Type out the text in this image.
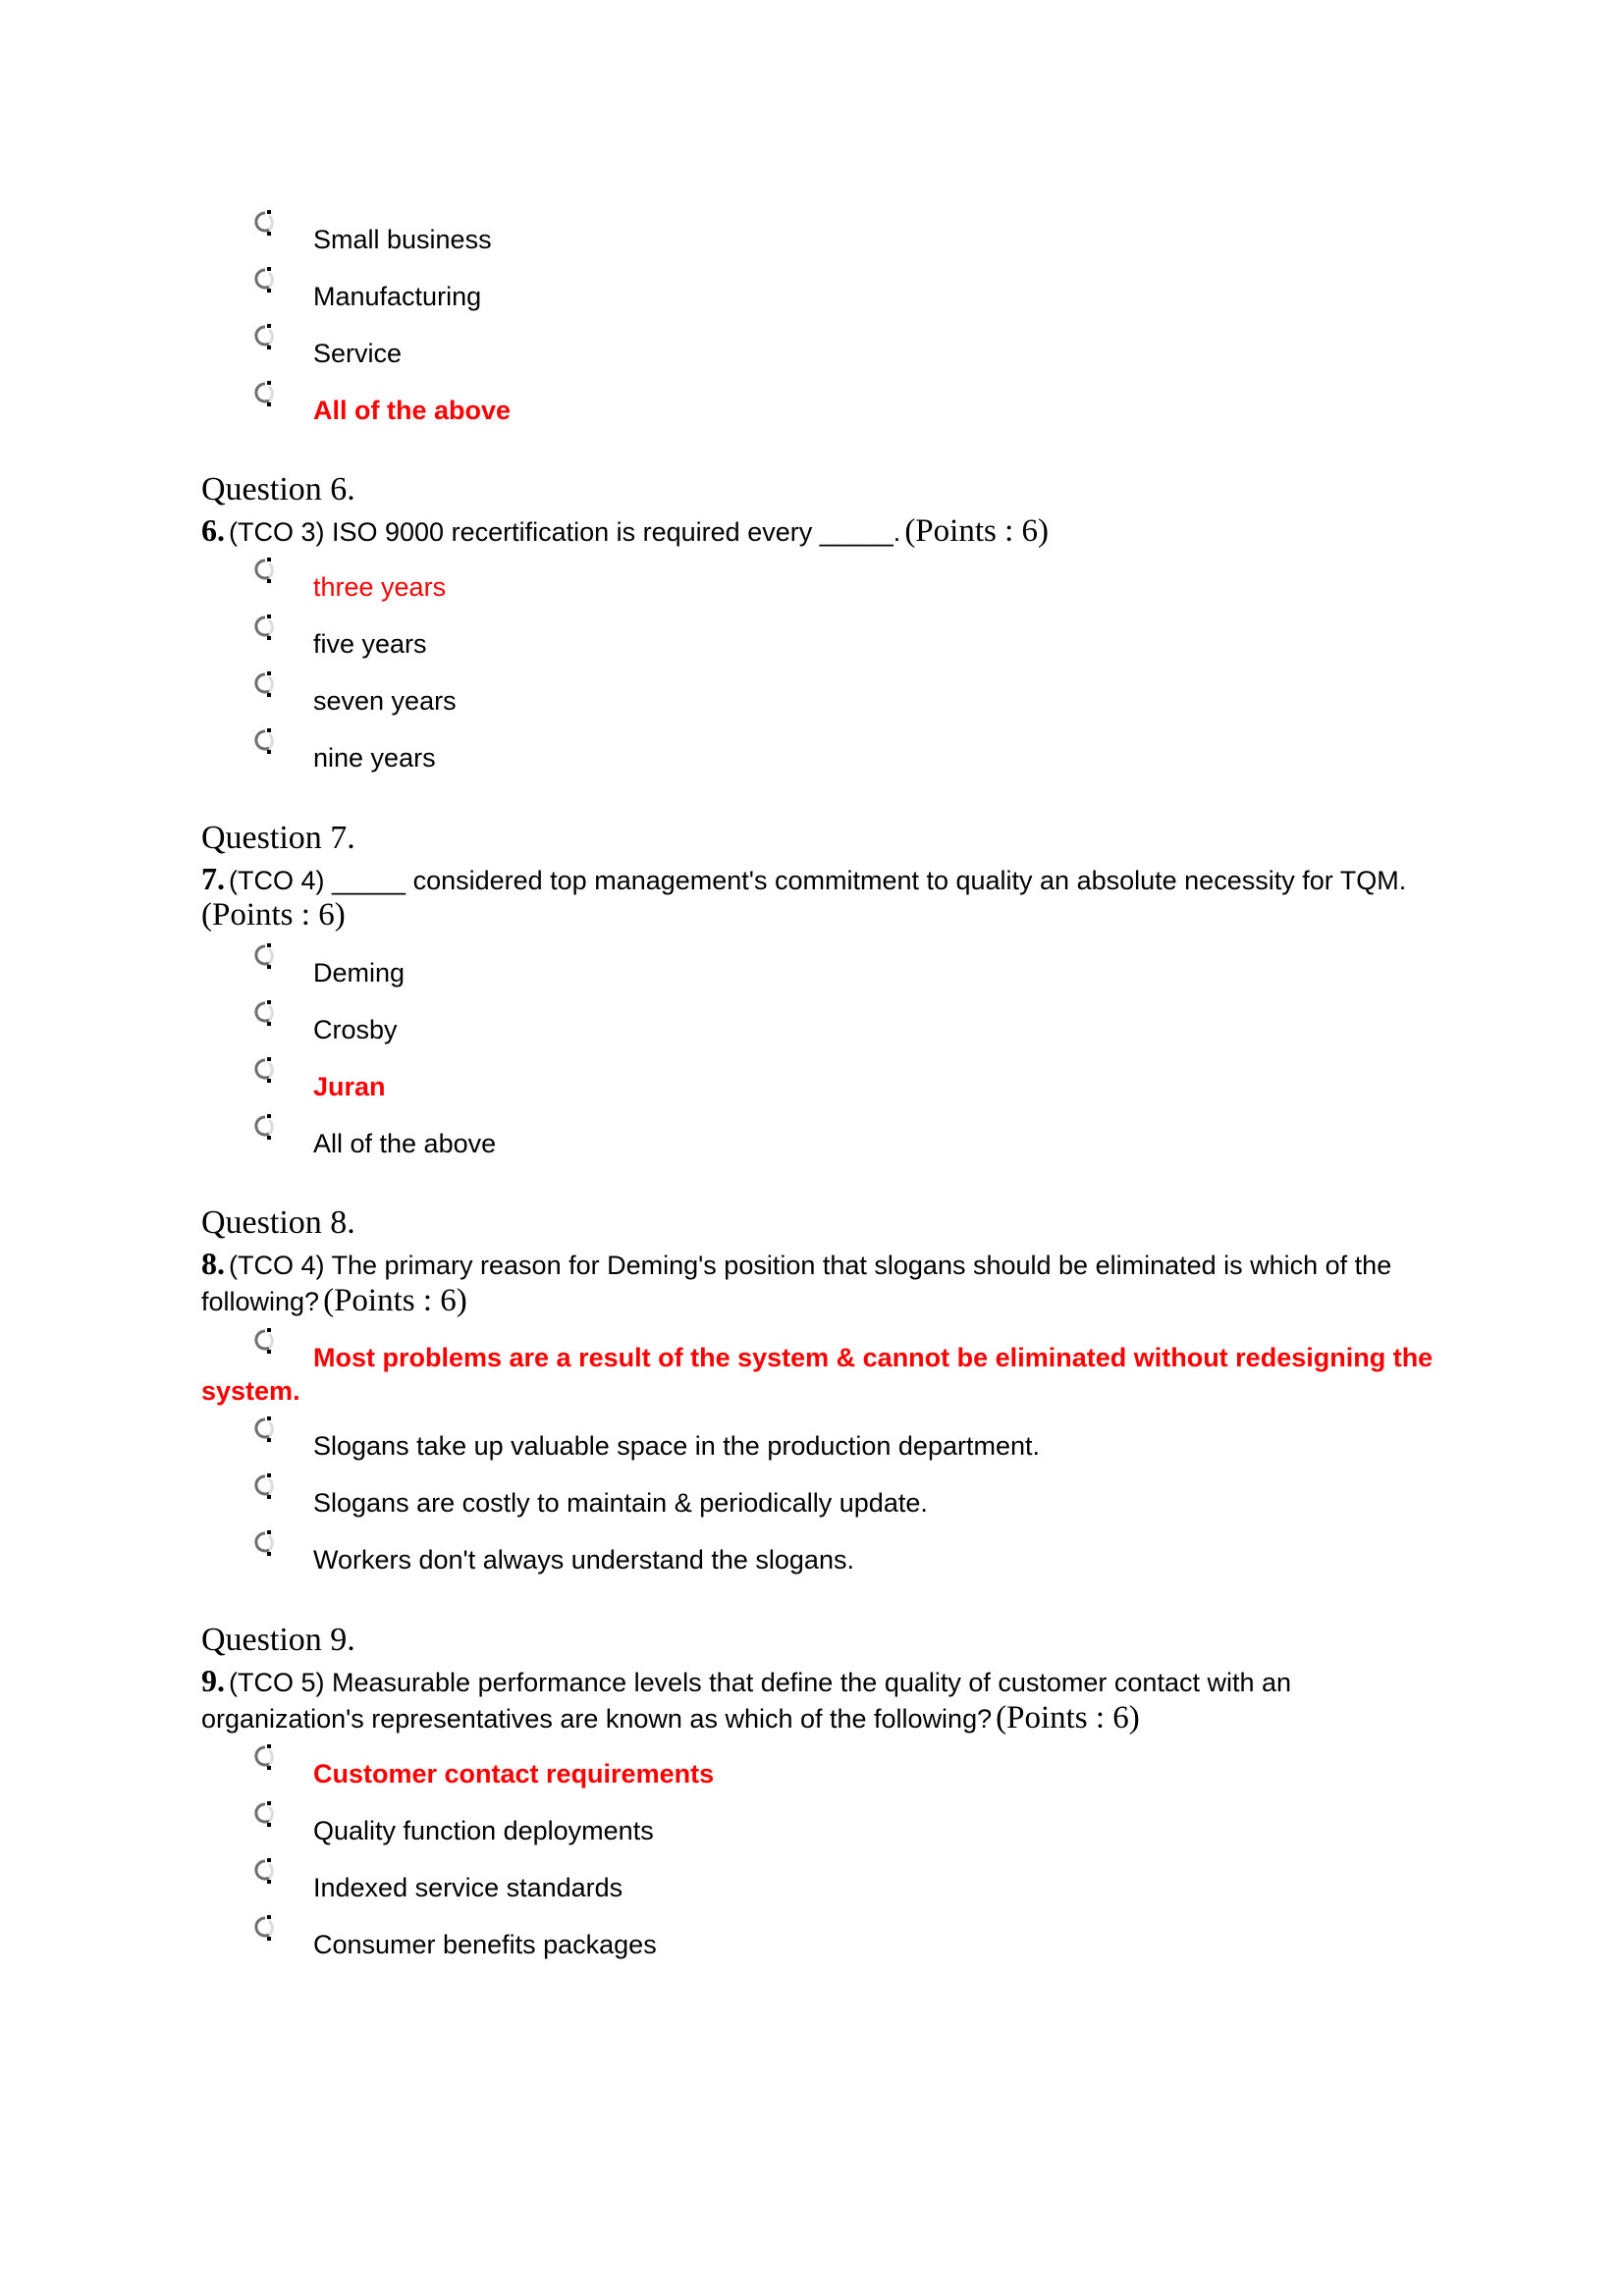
Small business
Manufacturing
Service
All of the above
Question 6.
6. (TCO 3) ISO 9000 recertification is required every _____. (Points : 6)
three years
five years
seven years
nine years
Question 7.
7. (TCO 4) _____ considered top management's commitment to quality an absolute necessity for TQM.
(Points : 6)
Deming
Crosby
Juran
All of the above
Question 8.
8. (TCO 4) The primary reason for Deming's position that slogans should be eliminated is which of the
following? (Points : 6)
Most problems are a result of the system & cannot be eliminated without redesigning the
system.
Slogans take up valuable space in the production department.
Slogans are costly to maintain & periodically update.
Workers don't always understand the slogans.
Question 9.
9. (TCO 5) Measurable performance levels that define the quality of customer contact with an
organization's representatives are known as which of the following? (Points : 6)
Customer contact requirements
Quality function deployments
Indexed service standards
Consumer benefits packages
